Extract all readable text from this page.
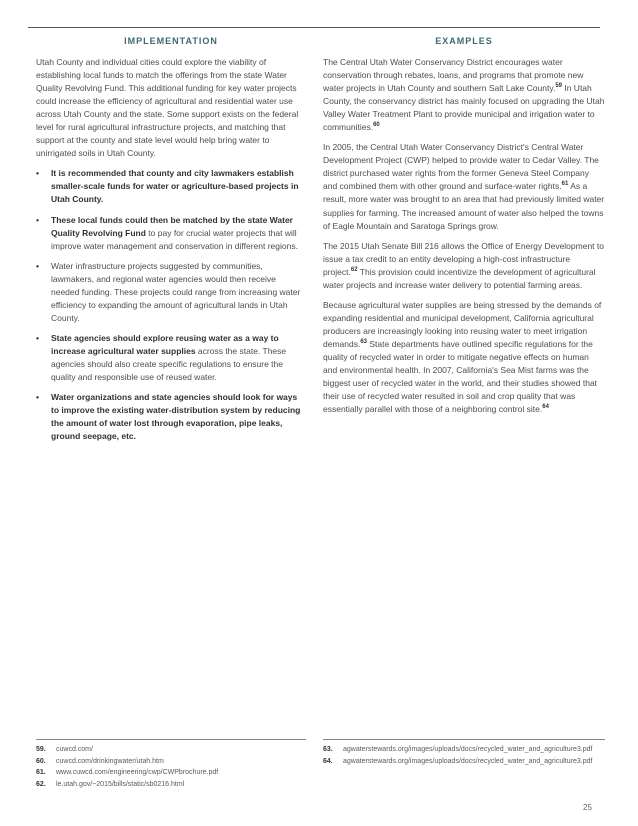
IMPLEMENTATION

Utah County and individual cities could explore the viability of establishing local funds to match the offerings from the state Water Quality Revolving Fund. This additional funding for key water projects could increase the efficiency of agricultural and residential water use across Utah County and the state. Some support exists on the federal level for rural agricultural infrastructure projects, and matching that support at the county and state level would help bring water to unirrigated soils in Utah County.

• It is recommended that county and city lawmakers establish smaller-scale funds for water or agriculture-based projects in Utah County.
• These local funds could then be matched by the state Water Quality Revolving Fund to pay for crucial water projects that will improve water management and conservation in different regions.
• Water infrastructure projects suggested by communities, lawmakers, and regional water agencies would then receive needed funding. These projects could range from increasing water efficiency to expanding the amount of agricultural lands in Utah County.
• State agencies should explore reusing water as a way to increase agricultural water supplies across the state. These agencies should also create specific regulations to ensure the quality and responsible use of reused water.
• Water organizations and state agencies should look for ways to improve the existing water-distribution system by reducing the amount of water lost through evaporation, pipe leaks, ground seepage, etc.
EXAMPLES

The Central Utah Water Conservancy District encourages water conservation through rebates, loans, and programs that promote new water projects in Utah County and southern Salt Lake County.$^{59}$ In Utah County, the conservancy district has mainly focused on upgrading the Utah Valley Water Treatment Plant to provide municipal and irrigation water to communities.$^{60}$

In 2005, the Central Utah Water Conservancy District's Central Water Development Project (CWP) helped to provide water to Cedar Valley. The district purchased water rights from the former Geneva Steel Company and combined them with other ground and surface-water rights.$^{61}$ As a result, more water was brought to an area that had previously limited water supplies for farming. The increased amount of water also helped the towns of Eagle Mountain and Saratoga Springs grow.

The 2015 Utah Senate Bill 216 allows the Office of Energy Development to issue a tax credit to an entity developing a high-cost infrastructure project.$^{62}$ This provision could incentivize the development of agricultural water projects and increase water delivery to potential farming areas.

Because agricultural water supplies are being stressed by the demands of expanding residential and municipal development, California agricultural producers are increasingly looking into reusing water to meet irrigation demands.$^{63}$ State departments have outlined specific regulations for the quality of recycled water in order to mitigate negative effects on human and environmental health. In 2007, California's Sea Mist farms was the biggest user of recycled water in the world, and their studies showed that their use of recycled water resulted in soil and crop quality that was essentially parallel with those of a neighboring control site.$^{64}$

59.	cuwcd.com/
60.	cuwcd.com/drinkingwater/utah.htm
61.	www.cuwcd.com/engineering/cwp/CWPbrochure.pdf
62.	le.utah.gov/~2015/bills/static/sb0216.html
63.	agwaterstewards.org/images/uploads/docs/recycled_water_and_agriculture3.pdf
64.	agwaterstewards.org/images/uploads/docs/recycled_water_and_agriculture3.pdf
25
